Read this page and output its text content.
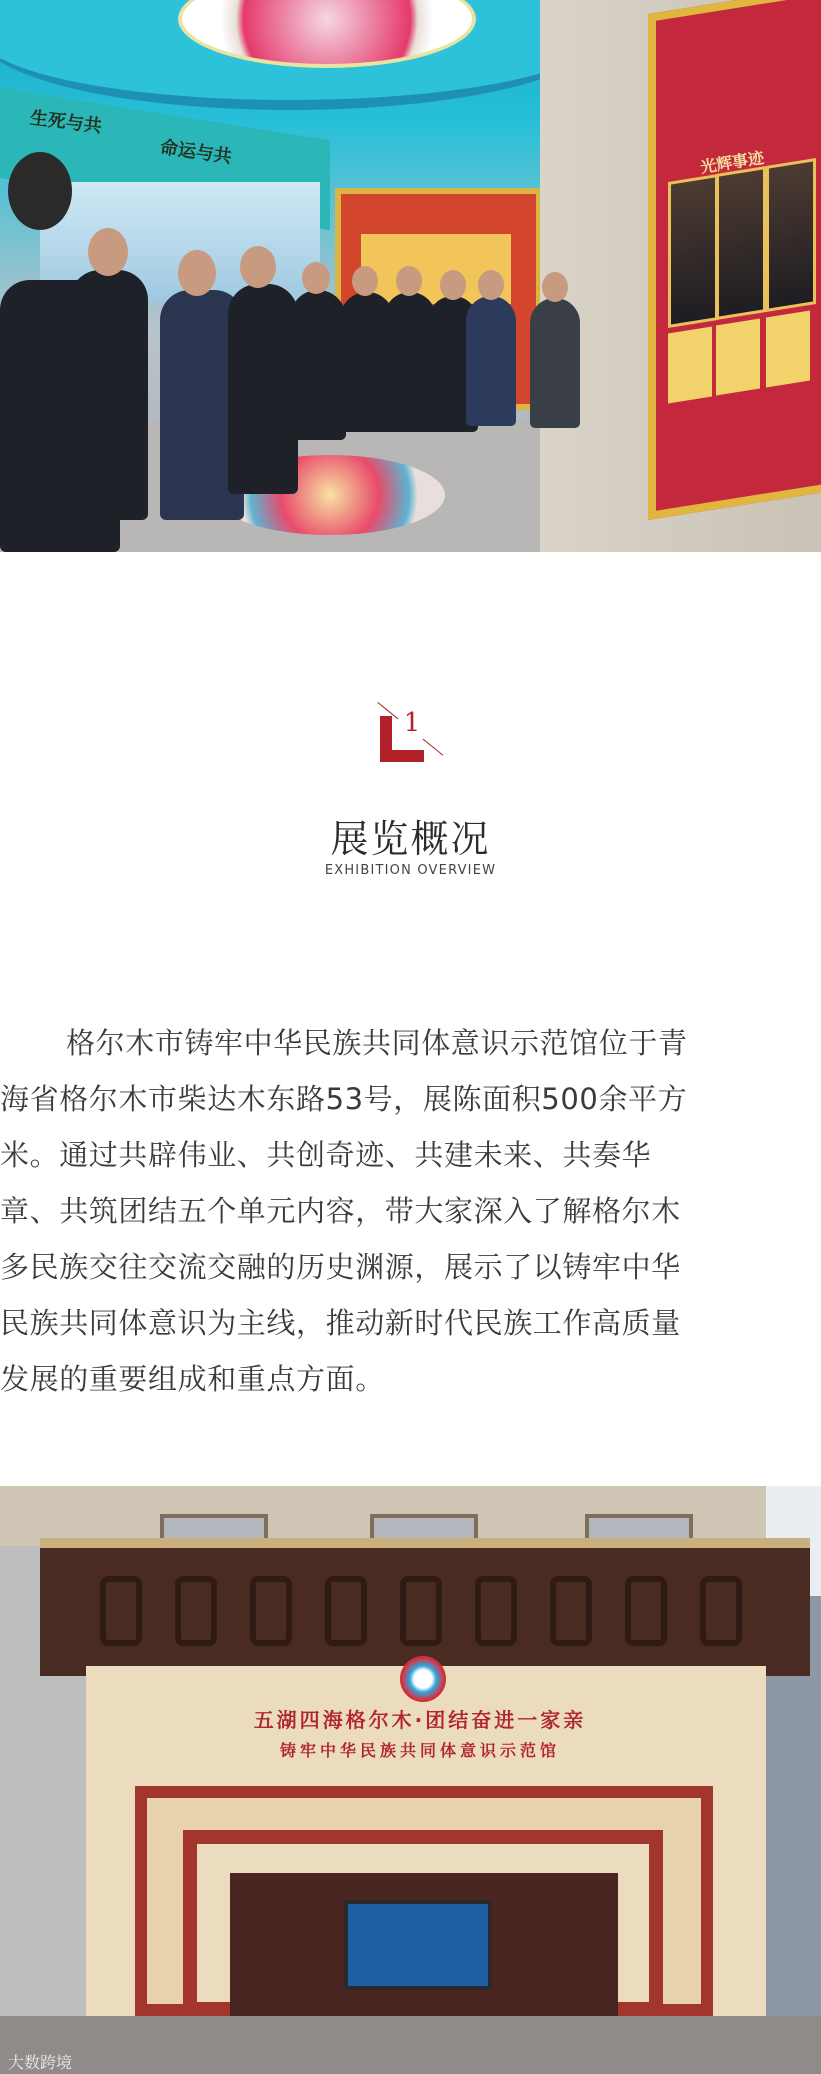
生死与共
命运与共	光辉事迹
1
展览概况
EXHIBITION OVERVIEW
格尔木市铸牢中华民族共同体意识示范馆位于青
海省格尔木市柴达木东路53号，展陈面积500余平方
米。通过共辟伟业、共创奇迹、共建未来、共奏华
章、共筑团结五个单元内容，带大家深入了解格尔木
多民族交往交流交融的历史渊源，展示了以铸牢中华
民族共同体意识为主线，推动新时代民族工作高质量
发展的重要组成和重点方面。
五湖四海格尔木·团结奋进一家亲
铸牢中华民族共同体意识示范馆
大数跨境
